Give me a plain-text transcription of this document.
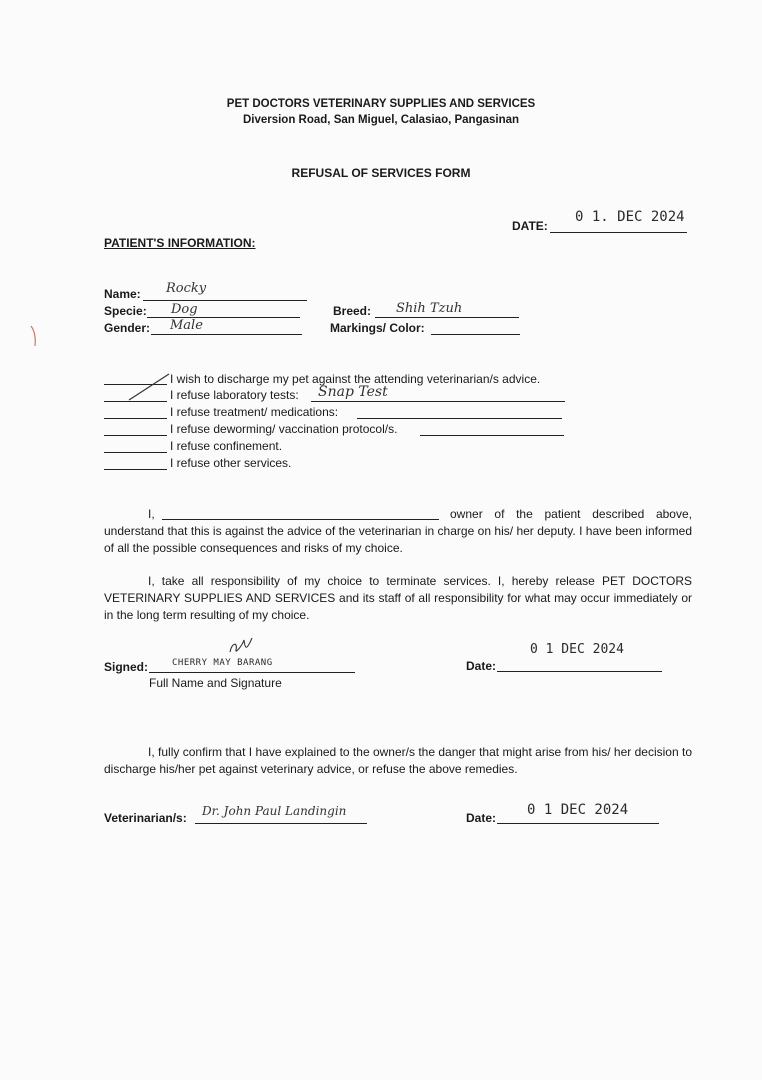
PET DOCTORS VETERINARY SUPPLIES AND SERVICES
Diversion Road, San Miguel, Calasiao, Pangasinan
REFUSAL OF SERVICES FORM
DATE:
0 1. DEC 2024
PATIENT'S INFORMATION:
Name: Rocky
Specie: Dog
Gender: Male
Breed: Shih Tzuh
Markings/ Color:
I wish to discharge my pet against the attending veterinarian/s advice.
I refuse laboratory tests: Snap Test
I refuse treatment/ medications:
I refuse deworming/ vaccination protocol/s.
I refuse confinement.
I refuse other services.
I,	owner of the patient described above,
understand that this is against the advice of the veterinarian in charge on his/ her deputy. I have been informed of all the possible consequences and risks of my choice.
I, take all responsibility of my choice to terminate services. I, hereby release PET DOCTORS VETERINARY SUPPLIES AND SERVICES and its staff of all responsibility for what may occur immediately or in the long term resulting of my choice.
Signed:	CHERRY MAY BARANG
Full Name and Signature
Date:
0 1 DEC 2024
I, fully confirm that I have explained to the owner/s the danger that might arise from his/ her decision to discharge his/her pet against veterinary advice, or refuse the above remedies.
Veterinarian/s: Dr. John Paul Landingin	Date: 0 1 DEC 2024
